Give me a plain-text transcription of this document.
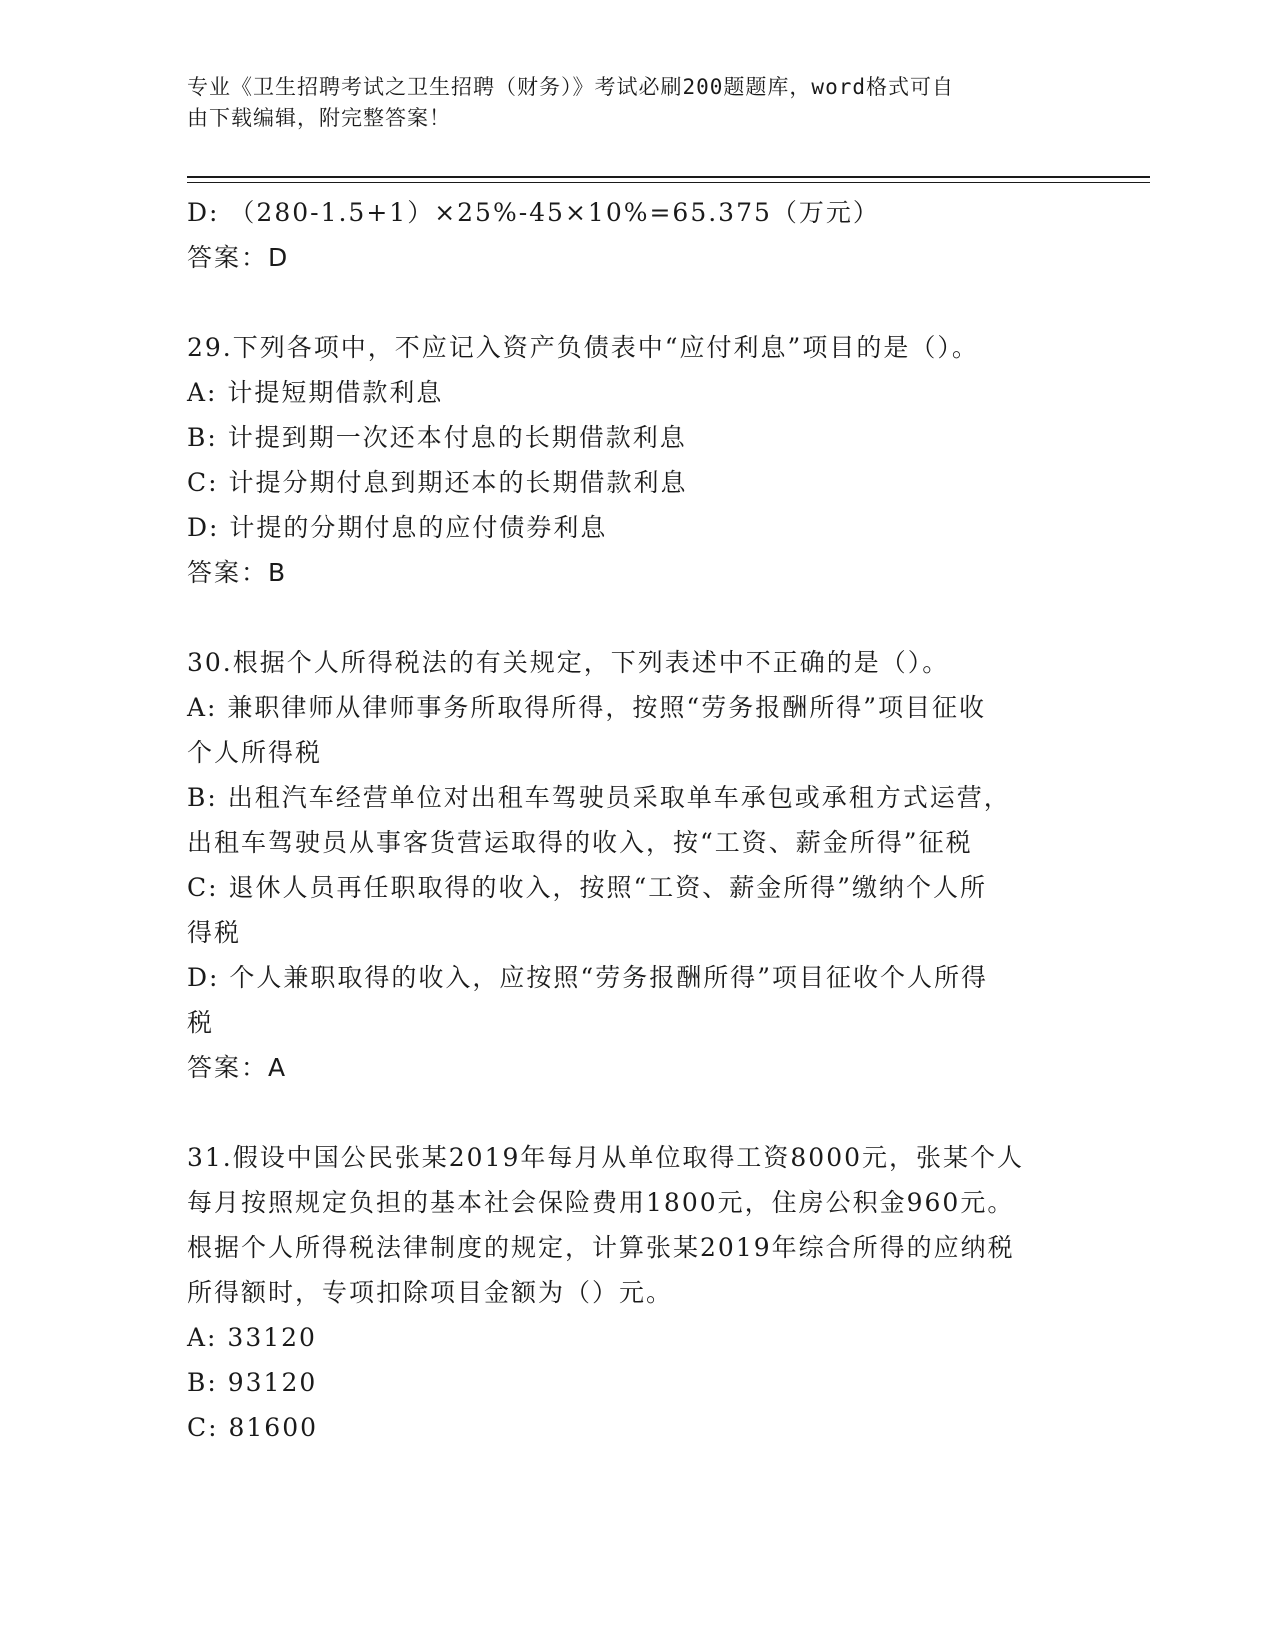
专业《卫生招聘考试之卫生招聘（财务）》考试必刷200题题库，word格式可自
由下载编辑，附完整答案！
D: （280-1.5+1）×25%-45×10%=65.375（万元）
答案：D
29.下列各项中，不应记入资产负债表中“应付利息”项目的是（）。
A: 计提短期借款利息
B: 计提到期一次还本付息的长期借款利息
C: 计提分期付息到期还本的长期借款利息
D: 计提的分期付息的应付债券利息
答案：B
30.根据个人所得税法的有关规定，下列表述中不正确的是（）。
A: 兼职律师从律师事务所取得所得，按照“劳务报酬所得”项目征收
个人所得税
B: 出租汽车经营单位对出租车驾驶员采取单车承包或承租方式运营，
出租车驾驶员从事客货营运取得的收入，按“工资、薪金所得”征税
C: 退休人员再任职取得的收入，按照“工资、薪金所得”缴纳个人所
得税
D: 个人兼职取得的收入，应按照“劳务报酬所得”项目征收个人所得
税
答案：A
31.假设中国公民张某2019年每月从单位取得工资8000元，张某个人
每月按照规定负担的基本社会保险费用1800元，住房公积金960元。
根据个人所得税法律制度的规定，计算张某2019年综合所得的应纳税
所得额时，专项扣除项目金额为（）元。
A: 33120
B: 93120
C: 81600
